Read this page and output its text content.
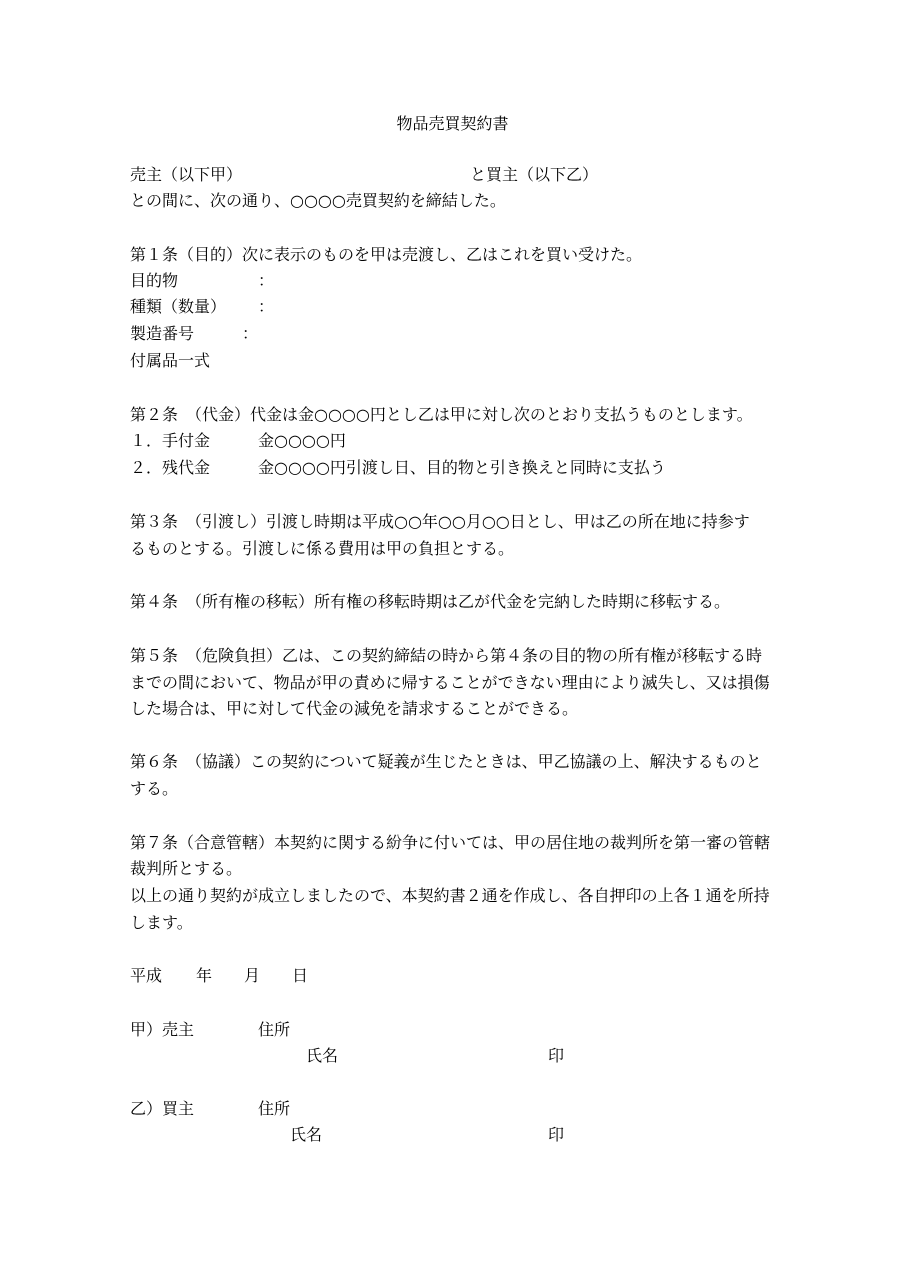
物品売買契約書
売主（以下甲）	と買主（以下乙）
との間に、次の通り、○○○○売買契約を締結した。
第１条（目的）次に表示のものを甲は売渡し、乙はこれを買い受けた。
目的物	：
種類（数量） ：
製造番号	：
付属品一式
第２条　（代金）代金は金○○○○円とし乙は甲に対し次のとおり支払うものとします。
１．手付金	金○○○○円
２．残代金	金○○○○円引渡し日、目的物と引き換えと同時に支払う
第３条　（引渡し）引渡し時期は平成○○年○○月○○日とし、甲は乙の所在地に持参す
るものとする。引渡しに係る費用は甲の負担とする。
第４条　（所有権の移転）所有権の移転時期は乙が代金を完納した時期に移転する。
第５条　（危険負担）乙は、この契約締結の時から第４条の目的物の所有権が移転する時
までの間において、物品が甲の責めに帰することができない理由により滅失し、又は損傷
した場合は、甲に対して代金の減免を請求することができる。
第６条　（協議）この契約について疑義が生じたときは、甲乙協議の上、解決するものと
する。
第７条（合意管轄）本契約に関する紛争に付いては、甲の居住地の裁判所を第一審の管轄
裁判所とする。
以上の通り契約が成立しましたので、本契約書２通を作成し、各自押印の上各１通を所持
します。
平成 年 月 日
甲）売主	住所
氏名	印
乙）買主	住所
氏名	印
